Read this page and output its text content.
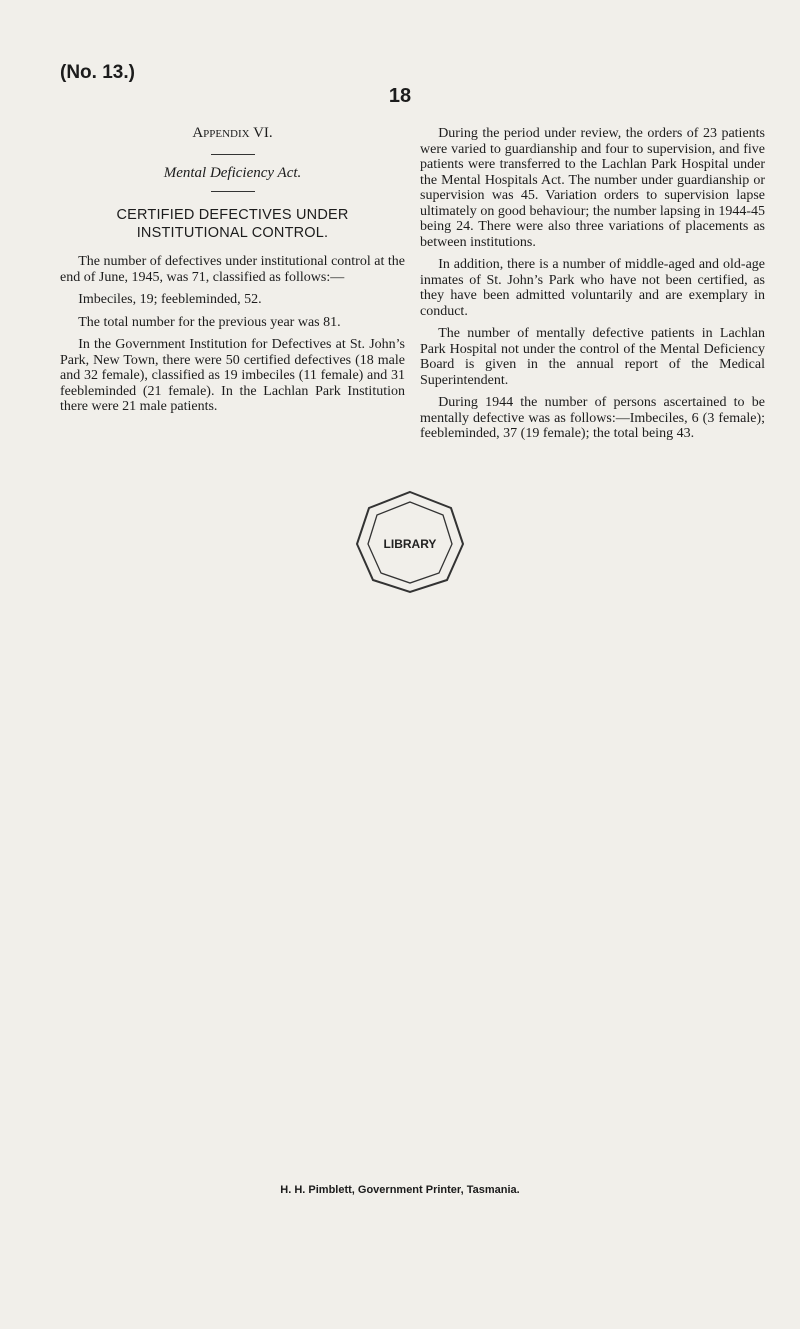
(No. 13.)
18
Appendix VI.
Mental Deficiency Act.
CERTIFIED DEFECTIVES UNDER INSTITUTIONAL CONTROL.

The number of defectives under institutional control at the end of June, 1945, was 71, classified as follows:—

Imbeciles, 19; feebleminded, 52.

The total number for the previous year was 81.

In the Government Institution for Defectives at St. John’s Park, New Town, there were 50 certified defectives (18 male and 32 female), classified as 19 imbeciles (11 female) and 31 feebleminded (21 female). In the Lachlan Park Institution there were 21 male patients.

During the period under review, the orders of 23 patients were varied to guardianship and four to supervision, and five patients were transferred to the Lachlan Park Hospital under the Mental Hospitals Act. The number under guardianship or supervision was 45. Variation orders to supervision lapse ultimately on good behaviour; the number lapsing in 1944-45 being 24. There were also three variations of placements as between institutions.

In addition, there is a number of middle-aged and old-age inmates of St. John’s Park who have not been certified, as they have been admitted voluntarily and are exemplary in conduct.

The number of mentally defective patients in Lachlan Park Hospital not under the control of the Mental Deficiency Board is given in the annual report of the Medical Superintendent.

During 1944 the number of persons ascertained to be mentally defective was as follows:—Imbeciles, 6 (3 female); feebleminded, 37 (19 female); the total being 43.

LIBRARY
H. H. Pimblett, Government Printer, Tasmania.
